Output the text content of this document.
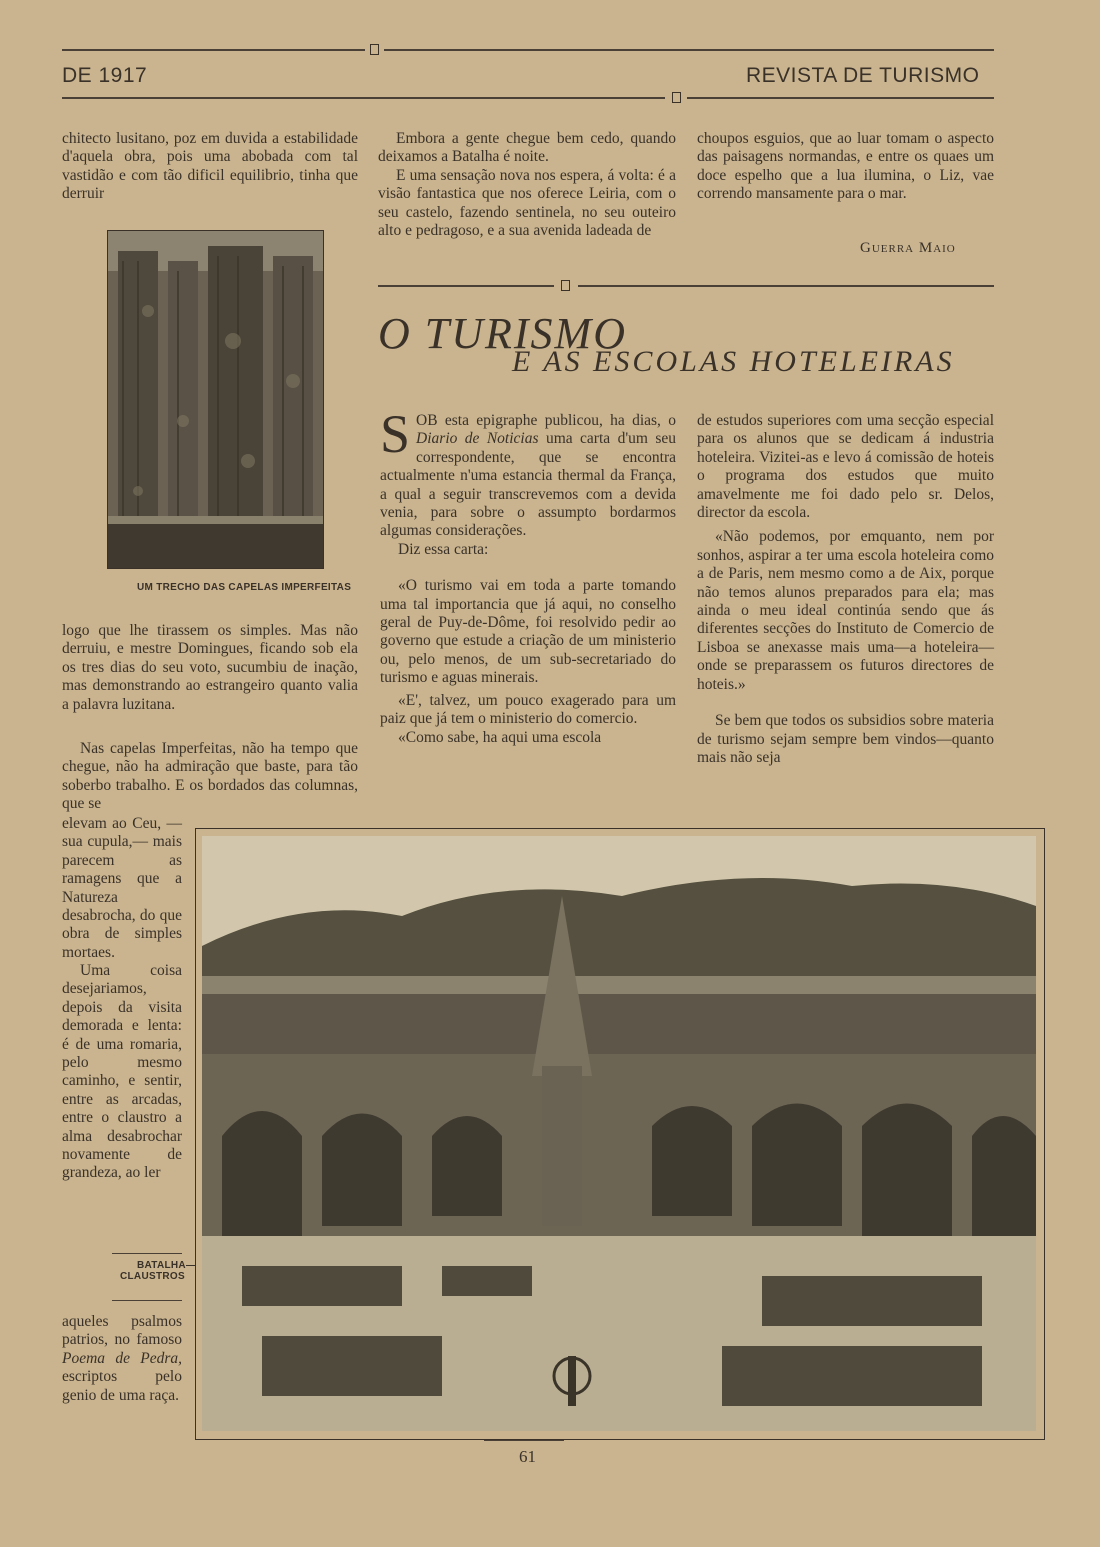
DE 1917	REVISTA DE TURISMO

chitecto lusitano, poz em duvida a estabilidade d'aquela obra, pois uma abobada com tal vastidão e com tão dificil equilibrio, tinha que derruir

UM TRECHO DAS CAPELAS IMPERFEITAS

logo que lhe tirassem os simples. Mas não derruiu, e mestre Domingues, ficando sob ela os tres dias do seu voto, sucumbiu de inação, mas demonstrando ao estrangeiro quanto valia a palavra luzitana.

Nas capelas Imperfeitas, não ha tempo que chegue, não ha admiração que baste, para tão soberbo trabalho. E os bordados das columnas, que se

elevam ao Ceu, —sua cupula,— mais parecem as ramagens que a Natureza desabrocha, do que obra de simples mortaes.

Uma coisa desejariamos, depois da visita demorada e lenta: é de uma romaria, pelo mesmo caminho, e sentir, entre as arcadas, entre o claustro a alma desabrochar novamente de grandeza, ao ler

BATALHA—
CLAUSTROS

aqueles psalmos patrios, no famoso Poema de Pedra, escriptos pelo genio de uma raça.

Embora a gente chegue bem cedo, quando deixamos a Batalha é noite.

E uma sensação nova nos espera, á volta: é a visão fantastica que nos oferece Leiria, com o seu castelo, fazendo sentinela, no seu outeiro alto e pedragoso, e a sua avenida ladeada de

choupos esguios, que ao luar tomam o aspecto das paisagens normandas, e entre os quaes um doce espelho que a lua ilumina, o Liz, vae correndo mansamente para o mar.

Guerra Maio
O TURISMO
E AS ESCOLAS HOTELEIRAS

SOB esta epigraphe publicou, ha dias, o Diario de Noticias uma carta d'um seu correspondente, que se encontra actualmente n'uma estancia thermal da França, a qual a seguir transcrevemos com a devida venia, para sobre o assumpto bordarmos algumas considerações.

Diz essa carta:

«O turismo vai em toda a parte tomando uma tal importancia que já aqui, no conselho geral de Puy-de-Dôme, foi resolvido pedir ao governo que estude a criação de um ministerio ou, pelo menos, de um sub-secretariado do turismo e aguas minerais.

«E', talvez, um pouco exagerado para um paiz que já tem o ministerio do comercio.

«Como sabe, ha aqui uma escola

de estudos superiores com uma secção especial para os alunos que se dedicam á industria hoteleira. Vizitei-as e levo á comissão de hoteis o programa dos estudos que muito amavelmente me foi dado pelo sr. Delos, director da escola.

«Não podemos, por emquanto, nem por sonhos, aspirar a ter uma escola hoteleira como a de Paris, nem mesmo como a de Aix, porque não temos alunos preparados para ela; mas ainda o meu ideal continúa sendo que ás diferentes secções do Instituto de Comercio de Lisboa se anexasse mais uma—a hoteleira—onde se preparassem os futuros directores de hoteis.»

Se bem que todos os subsidios sobre materia de turismo sejam sempre bem vindos—quanto mais não seja

61
